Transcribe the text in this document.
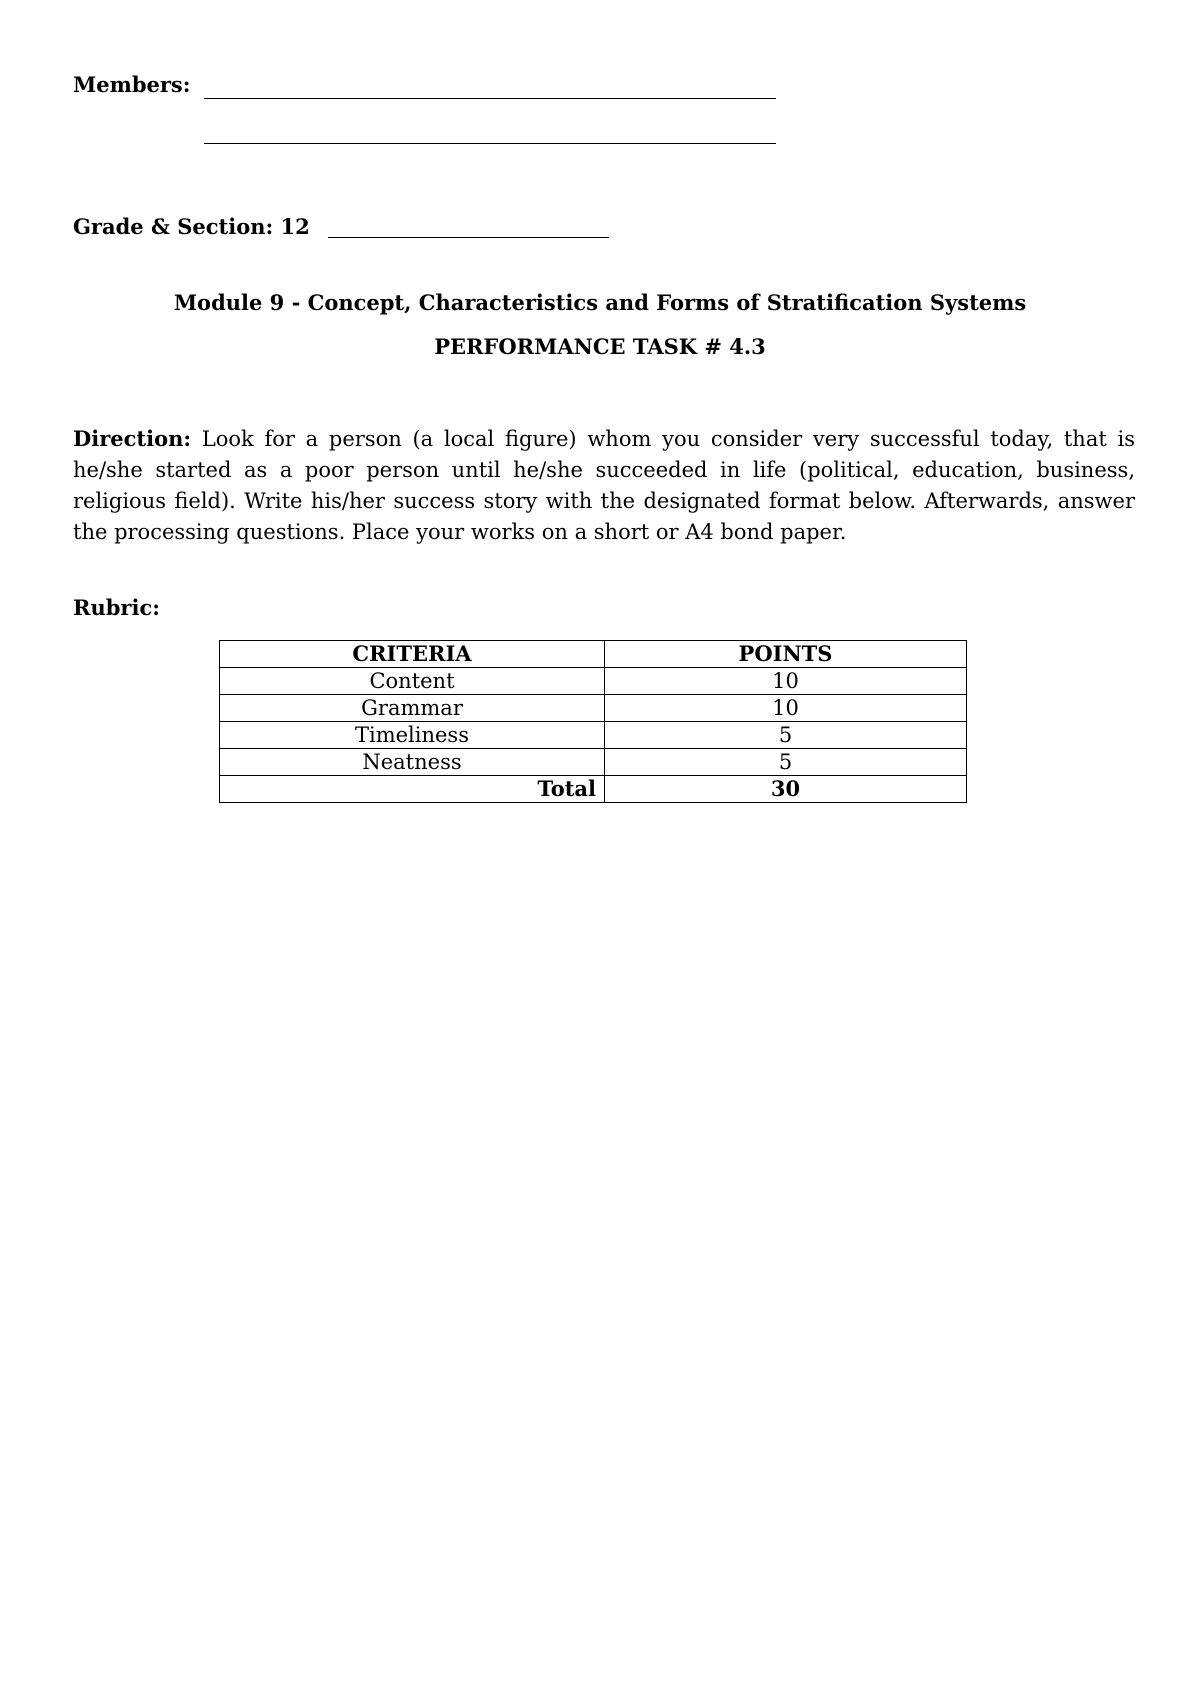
Members:
Grade & Section: 12
Module 9 - Concept, Characteristics and Forms of Stratification Systems
PERFORMANCE TASK # 4.3
Direction: Look for a person (a local figure) whom you consider very successful today, that is he/she started as a poor person until he/she succeeded in life (political, education, business, religious field). Write his/her success story with the designated format below. Afterwards, answer the processing questions. Place your works on a short or A4 bond paper.
Rubric:
CRITERIA	POINTS
Content	10
Grammar	10
Timeliness	5
Neatness	5
Total	30
